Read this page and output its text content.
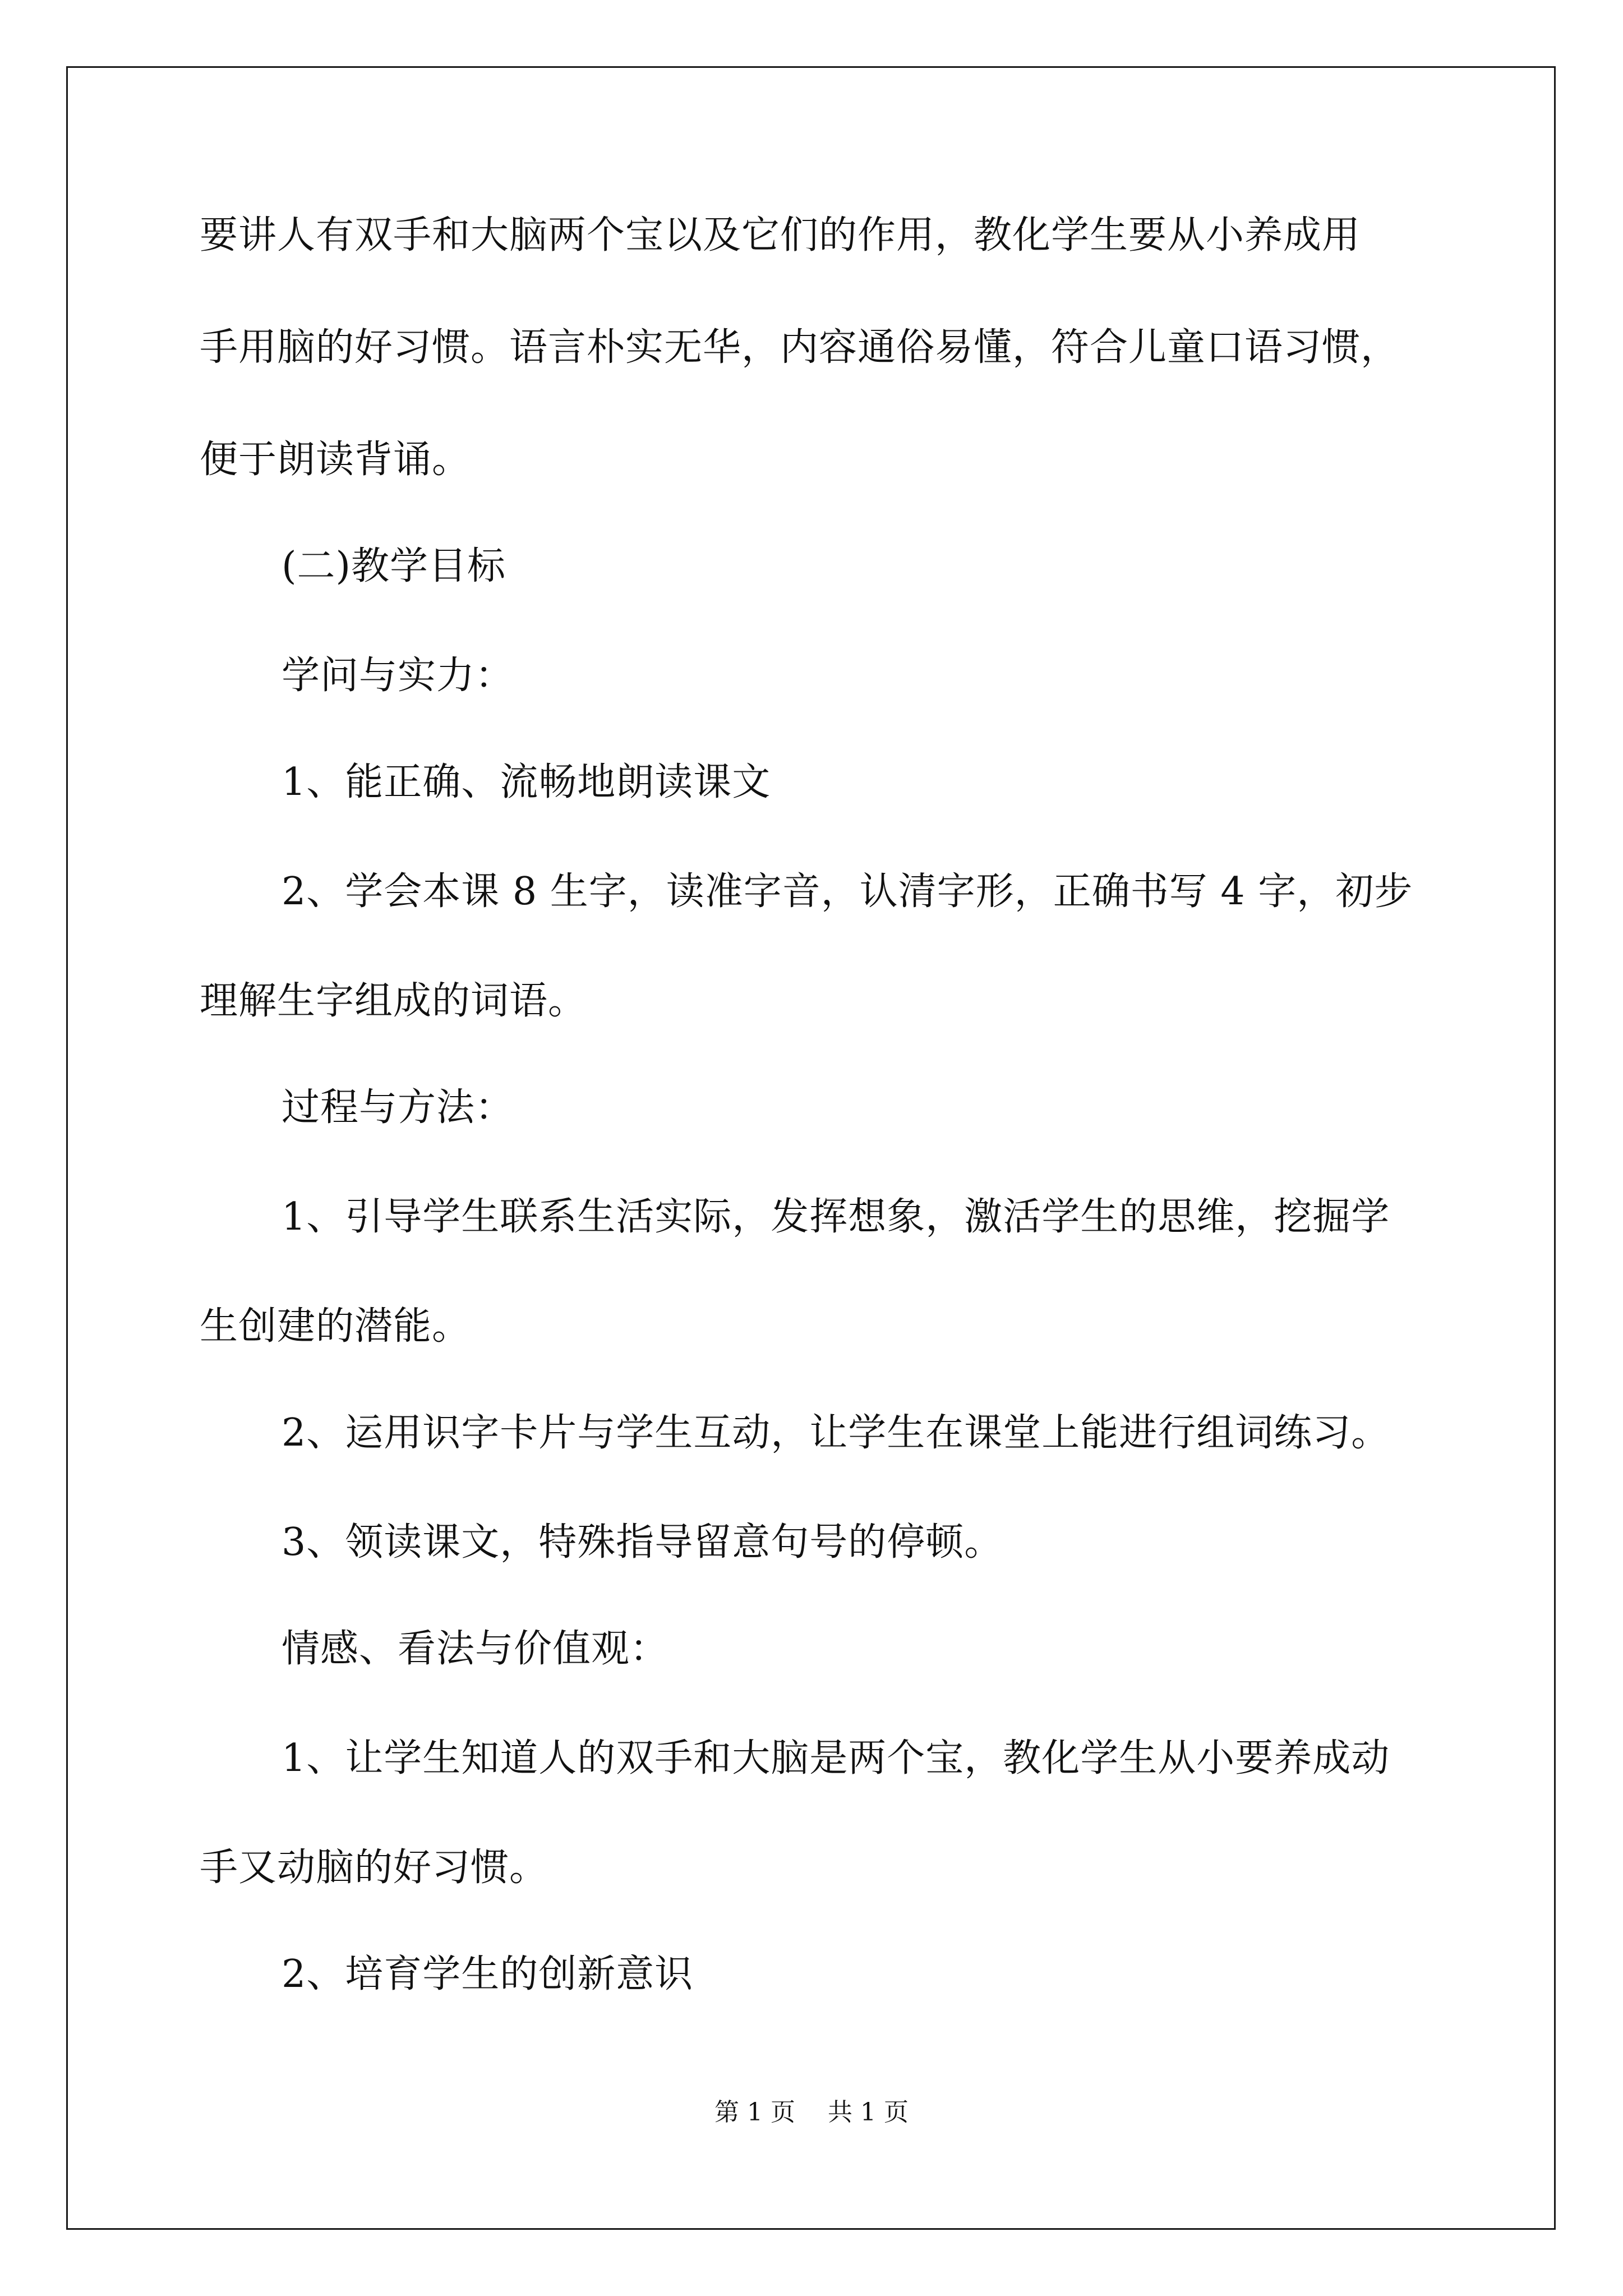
要讲人有双手和大脑两个宝以及它们的作用，教化学生要从小养成用

手用脑的好习惯。语言朴实无华，内容通俗易懂，符合儿童口语习惯，

便于朗读背诵。

(二)教学目标

学问与实力：

1、能正确、流畅地朗读课文

2、学会本课 8 生字，读准字音，认清字形，正确书写 4 字，初步

理解生字组成的词语。

过程与方法：

1、引导学生联系生活实际，发挥想象，激活学生的思维，挖掘学

生创建的潜能。

2、运用识字卡片与学生互动，让学生在课堂上能进行组词练习。

3、领读课文，特殊指导留意句号的停顿。

情感、看法与价值观：

1、让学生知道人的双手和大脑是两个宝，教化学生从小要养成动

手又动脑的好习惯。

2、培育学生的创新意识

第 1 页　 共 1 页
